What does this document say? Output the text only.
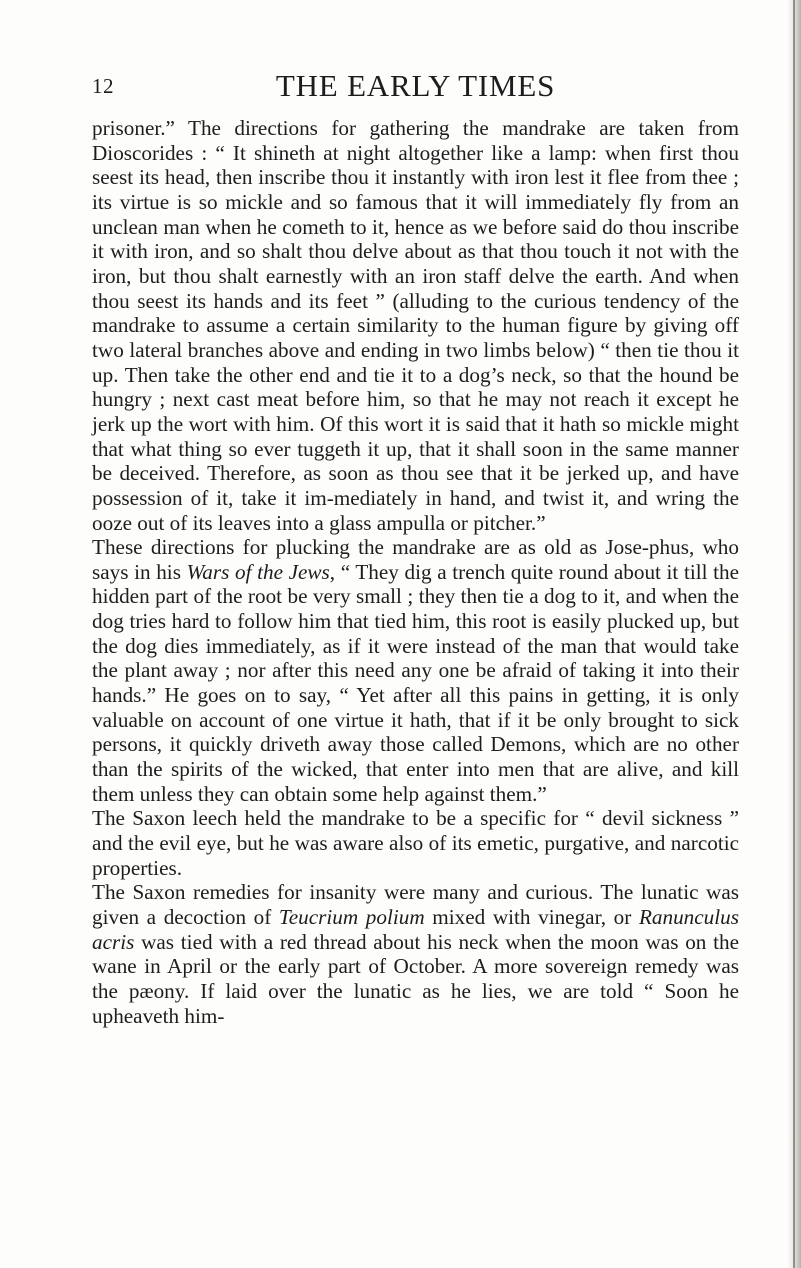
12	THE EARLY TIMES

prisoner.” The directions for gathering the mandrake are taken from Dioscorides : “ It shineth at night altogether like a lamp: when first thou seest its head, then inscribe thou it instantly with iron lest it flee from thee ; its virtue is so mickle and so famous that it will immediately fly from an unclean man when he cometh to it, hence as we before said do thou inscribe it with iron, and so shalt thou delve about as that thou touch it not with the iron, but thou shalt earnestly with an iron staff delve the earth. And when thou seest its hands and its feet ” (alluding to the curious tendency of the mandrake to assume a certain similarity to the human figure by giving off two lateral branches above and ending in two limbs below) “ then tie thou it up. Then take the other end and tie it to a dog’s neck, so that the hound be hungry ; next cast meat before him, so that he may not reach it except he jerk up the wort with him. Of this wort it is said that it hath so mickle might that what thing so ever tuggeth it up, that it shall soon in the same manner be deceived. Therefore, as soon as thou see that it be jerked up, and have possession of it, take it im-mediately in hand, and twist it, and wring the ooze out of its leaves into a glass ampulla or pitcher.”

These directions for plucking the mandrake are as old as Jose-phus, who says in his Wars of the Jews, “ They dig a trench quite round about it till the hidden part of the root be very small ; they then tie a dog to it, and when the dog tries hard to follow him that tied him, this root is easily plucked up, but the dog dies immediately, as if it were instead of the man that would take the plant away ; nor after this need any one be afraid of taking it into their hands.” He goes on to say, “ Yet after all this pains in getting, it is only valuable on account of one virtue it hath, that if it be only brought to sick persons, it quickly driveth away those called Demons, which are no other than the spirits of the wicked, that enter into men that are alive, and kill them unless they can obtain some help against them.”

The Saxon leech held the mandrake to be a specific for “ devil sickness ” and the evil eye, but he was aware also of its emetic, purgative, and narcotic properties.

The Saxon remedies for insanity were many and curious. The lunatic was given a decoction of Teucrium polium mixed with vinegar, or Ranunculus acris was tied with a red thread about his neck when the moon was on the wane in April or the early part of October. A more sovereign remedy was the pæony. If laid over the lunatic as he lies, we are told “ Soon he upheaveth him-
